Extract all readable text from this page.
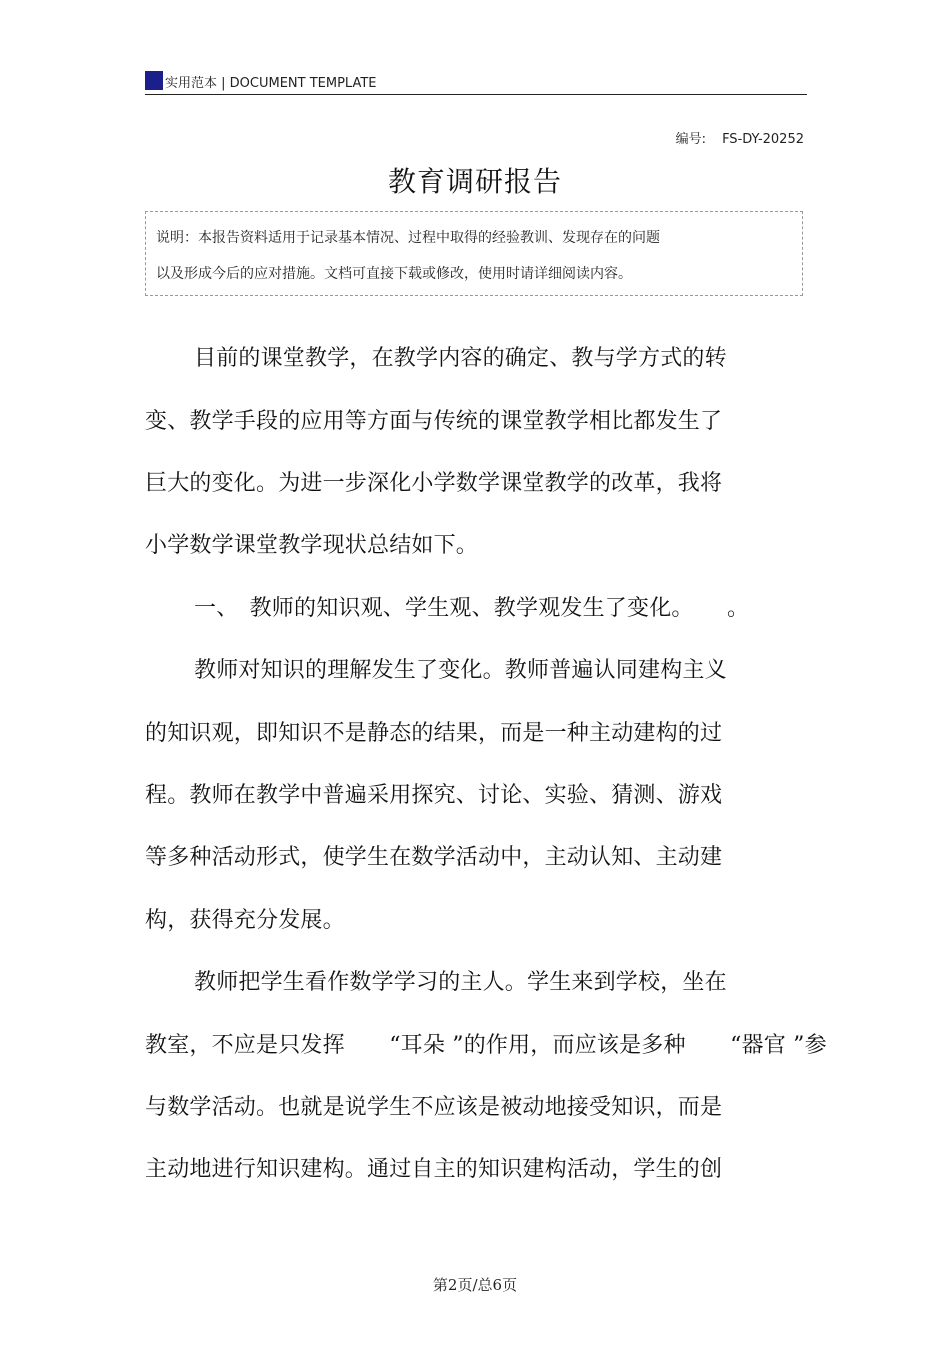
实用范本 | DOCUMENT TEMPLATE
编号: FS-DY-20252
教育调研报告
说明：本报告资料适用于记录基本情况、过程中取得的经验教训、发现存在的问题
以及形成今后的应对措施。文档可直接下载或修改，使用时请详细阅读内容。
目前的课堂教学，在教学内容的确定、教与学方式的转
变、教学手段的应用等方面与传统的课堂教学相比都发生了
巨大的变化。为进一步深化小学数学课堂教学的改革，我将
小学数学课堂教学现状总结如下。
一、　教师的知识观、学生观、教学观发生了变化。　　。
教师对知识的理解发生了变化。教师普遍认同建构主义
的知识观，即知识不是静态的结果，而是一种主动建构的过
程。教师在教学中普遍采用探究、讨论、实验、猜测、游戏
等多种活动形式，使学生在数学活动中，主动认知、主动建
构，获得充分发展。
教师把学生看作数学学习的主人。学生来到学校，坐在
教室，不应是只发挥　　“耳朵 ”的作用，而应该是多种　　“器官 ”参
与数学活动。也就是说学生不应该是被动地接受知识，而是
主动地进行知识建构。通过自主的知识建构活动，学生的创
第2页/总6页
